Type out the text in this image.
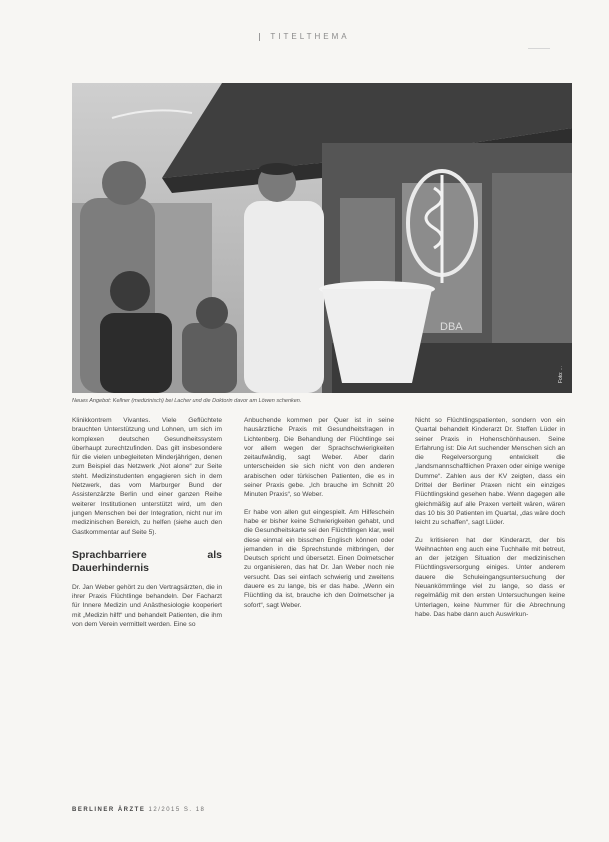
TITELTHEMA
DBA
Foto: ...
Neues Angebot: Kellner (medizinisch) bei Lacher und die Doktorin davor am Löwen schenken.

Klinikkontrem Vivantes. Viele Geflüchtete brauchten Unterstützung und Lohnen, um sich im komplexen deutschen Gesundheitssystem überhaupt zurechtzufinden. Das gilt insbesondere für die vielen unbegleiteten Minderjährigen, denen zum Beispiel das Netzwerk „Not alone“ zur Seite steht. Medizinstudenten engagieren sich in dem Netzwerk, das vom Marburger Bund der Assistenzärzte Berlin und einer ganzen Reihe weiterer Institutionen unterstützt wird, um den jungen Menschen bei der Integration, nicht nur im medizinischen Bereich, zu helfen (siehe auch den Gastkommentar auf Seite 5).

Sprachbarriere als Dauerhindernis

Dr. Jan Weber gehört zu den Vertragsärzten, die in ihrer Praxis Flüchtlinge behandeln. Der Facharzt für Innere Medizin und Anästhesiologie kooperiert mit „Medizin hilft“ und behandelt Patienten, die ihm von dem Verein vermittelt werden. Eine so

Anbuchende kommen per Quer ist in seine hausärztliche Praxis mit Gesundheitsfragen in Lichtenberg. Die Behandlung der Flüchtlinge sei vor allem wegen der Sprachschwierigkeiten zeitaufwändig, sagt Weber. Aber darin unterscheiden sie sich nicht von den anderen arabischen oder türkischen Patienten, die es in seiner Praxis gebe. „Ich brauche im Schnitt 20 Minuten Praxis“, so Weber.

Er habe von allen gut eingespielt. Am Hilfeschein habe er bisher keine Schwierigkeiten gehabt, und die Gesundheitskarte sei den Flüchtlingen klar, weil diese einmal ein bisschen Englisch können oder jemanden in die Sprechstunde mitbringen, der Deutsch spricht und übersetzt. Einen Dolmetscher zu organisieren, das hat Dr. Jan Weber noch nie versucht. Das sei einfach schwierig und zweitens dauere es zu lange, bis er das habe. „Wenn ein Flüchtling da ist, brauche ich den Dolmetscher ja sofort“, sagt Weber.

Nicht so Flüchtlingspatienten, sondern von ein Quartal behandelt Kinderarzt Dr. Steffen Lüder in seiner Praxis in Hohenschönhausen. Seine Erfahrung ist: Die Art suchender Menschen sich an die Regelversorgung entwickelt die „landsmannschaftlichen Praxen oder einige wenige Dumme“. Zahlen aus der KV zeigten, dass ein Drittel der Berliner Praxen nicht ein einziges Flüchtlingskind gesehen habe. Wenn dagegen alle gleichmäßig auf alle Praxen verteilt wären, wären das 10 bis 30 Patienten im Quartal, „das wäre doch leicht zu schaffen“, sagt Lüder.

Zu kritisieren hat der Kinderarzt, der bis Weihnachten eng auch eine Tuchhalle mit betreut, an der jetzigen Situation der medizinischen Flüchtlingsversorgung einiges. Unter anderem dauere die Schuleingangsuntersuchung der Neuankömmlinge viel zu lange, so dass er regelmäßig mit den ersten Untersuchungen keine Unterlagen, keine Nummer für die Abrechnung habe. Das habe dann auch Auswirkun-

BERLINER ÄRZTE 12/2015 S. 18
